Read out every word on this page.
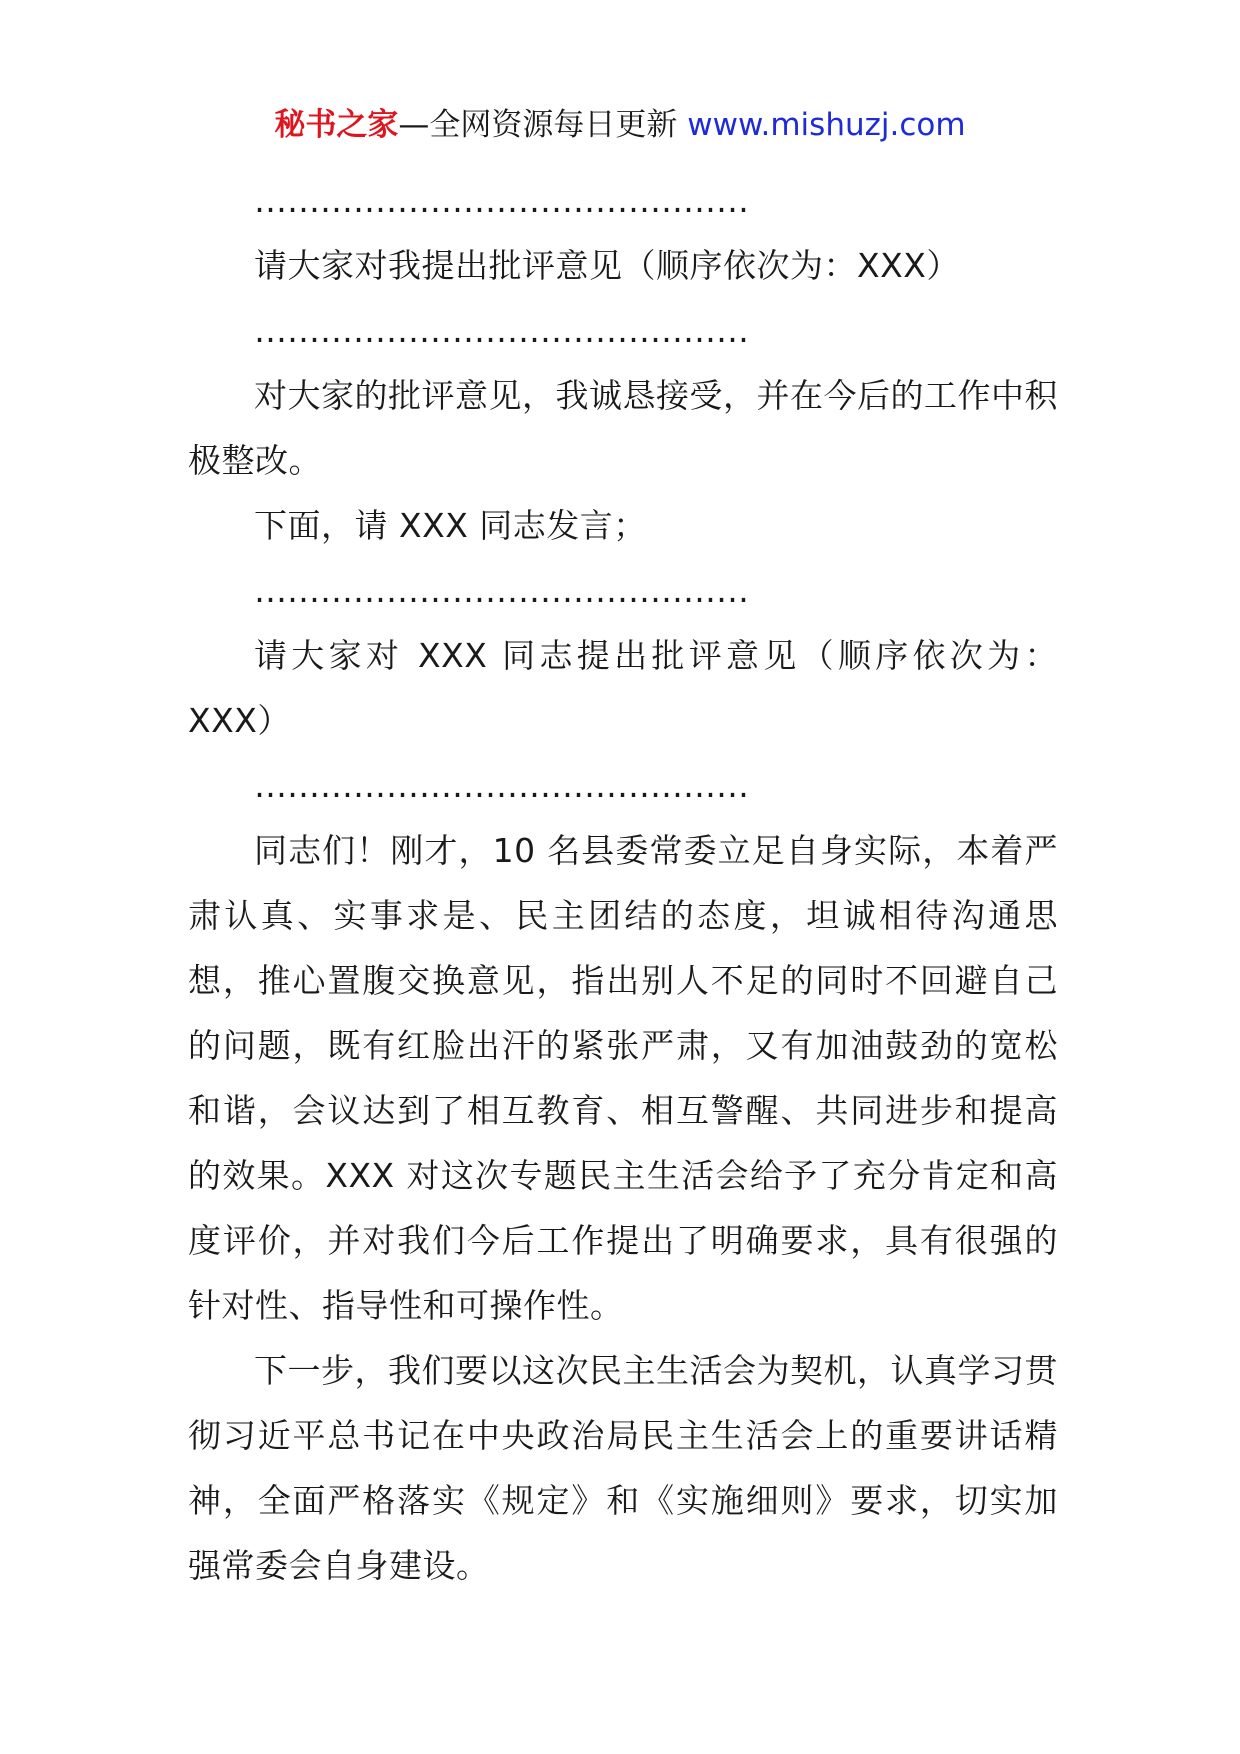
秘书之家—全网资源每日更新 www.mishuzj.com

………………………………………

请大家对我提出批评意见（顺序依次为：XXX）

………………………………………

对大家的批评意见，我诚恳接受，并在今后的工作中积极整改。

下面，请 XXX 同志发言；

………………………………………

请大家对 XXX 同志提出批评意见（顺序依次为：XXX）

………………………………………

同志们！刚才，10 名县委常委立足自身实际，本着严肃认真、实事求是、民主团结的态度，坦诚相待沟通思想，推心置腹交换意见，指出别人不足的同时不回避自己的问题，既有红脸出汗的紧张严肃，又有加油鼓劲的宽松和谐，会议达到了相互教育、相互警醒、共同进步和提高的效果。XXX 对这次专题民主生活会给予了充分肯定和高度评价，并对我们今后工作提出了明确要求，具有很强的针对性、指导性和可操作性。

下一步，我们要以这次民主生活会为契机，认真学习贯彻习近平总书记在中央政治局民主生活会上的重要讲话精神，全面严格落实《规定》和《实施细则》要求，切实加强常委会自身建设。
